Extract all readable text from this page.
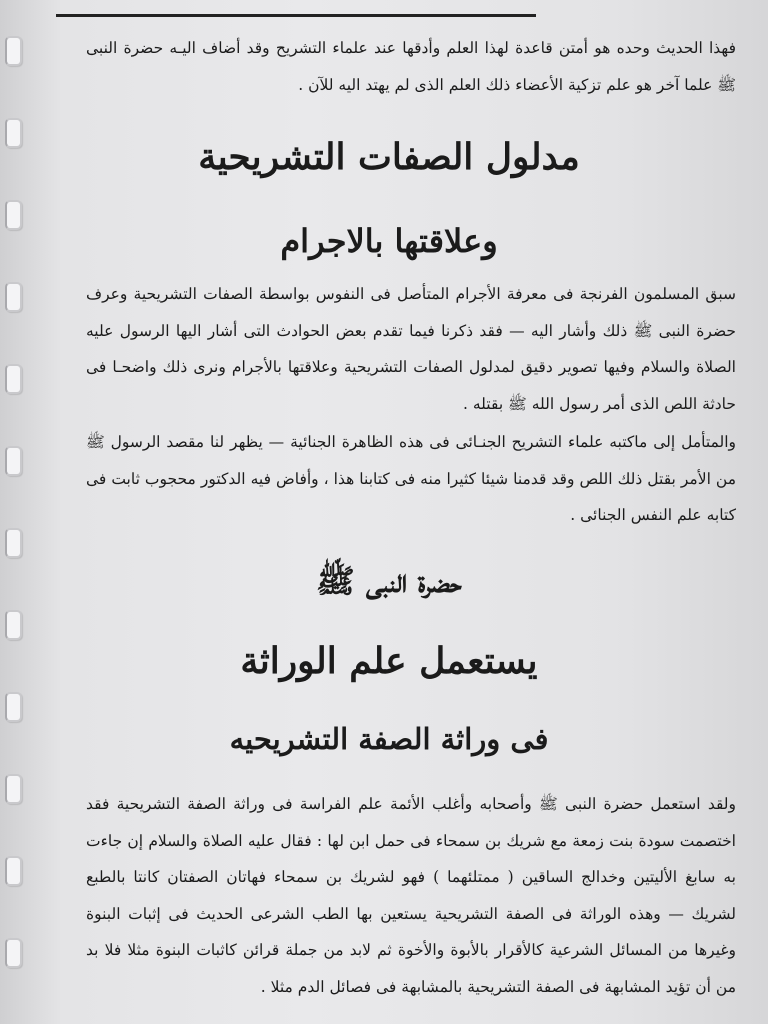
فهذا الحديث وحده هو أمتن قاعدة لهذا العلم وأدقها عند علماء التشريح وقد أضاف اليـه حضرة النبى ﷺ علما آخر هو علم تزكية الأعضاء ذلك العلم الذى لم يهتد اليه للآن .

مدلول الصفات التشريحية
وعلاقتها بالاجرام

سبق المسلمون الفرنجة فى معرفة الأجرام المتأصل فى النفوس بواسطة الصفات التشريحية وعرف حضرة النبى ﷺ ذلك وأشار اليه — فقد ذكرنا فيما تقدم بعض الحوادث التى أشار اليها الرسول عليه الصلاة والسلام وفيها تصوير دقيق لمدلول الصفات التشريحية وعلاقتها بالأجرام ونرى ذلك واضحـا فى حادثة اللص الذى أمر رسول الله ﷺ بقتله .

والمتأمل إلى ماكتبه علماء التشريح الجنـائى فى هذه الظاهرة الجنائية — يظهر لنا مقصد الرسول ﷺ من الأمر بقتل ذلك اللص وقد قدمنا شيئا كثيرا منه فى كتابنا هذا ، وأفاض فيه الدكتور محجوب ثابت فى كتابه علم النفس الجنائى .

حضرة النبى ﷺ
يستعمل علم الوراثة
فى وراثة الصفة التشريحيه

ولقد استعمل حضرة النبى ﷺ وأصحابه وأغلب الأئمة علم الفراسة فى وراثة الصفة التشريحية فقد اختصمت سودة بنت زمعة مع شريك بن سمحاء فى حمل ابن لها : فقال عليه الصلاة والسلام إن جاءت به سابغ الأليتين وخدالج الساقين ( ممتلئهما ) فهو لشريك بن سمحاء فهاتان الصفتان كانتا بالطبع لشريك — وهذه الوراثة فى الصفة التشريحية يستعين بها الطب الشرعى الحديث فى إثبات البنوة وغيرها من المسائل الشرعية كالأقرار بالأبوة والأخوة ثم لابد من جملة قرائن كاثبات البنوة مثلا فلا بد من أن تؤيد المشابهة فى الصفة التشريحية بالمشابهة فى فصائل الدم مثلا .
